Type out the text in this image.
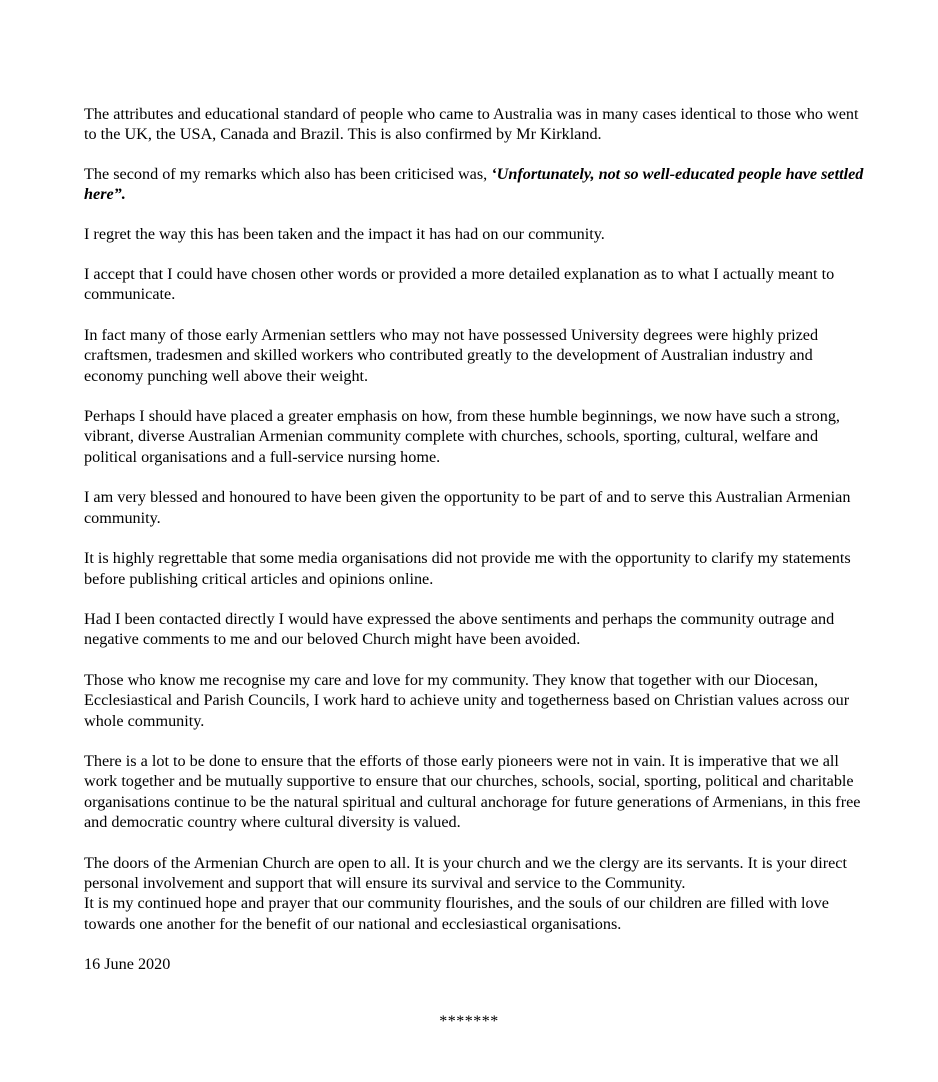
The attributes and educational standard of people who came to Australia was in many cases identical to those who went to the UK, the USA, Canada and Brazil. This is also confirmed by Mr Kirkland.

The second of my remarks which also has been criticised was, ‘Unfortunately, not so well-educated people have settled here”.

I regret the way this has been taken and the impact it has had on our community.

I accept that I could have chosen other words or provided a more detailed explanation as to what I actually meant to communicate.

In fact many of those early Armenian settlers who may not have possessed University degrees were highly prized craftsmen, tradesmen and skilled workers who contributed greatly to the development of Australian industry and economy punching well above their weight.

Perhaps I should have placed a greater emphasis on how, from these humble beginnings, we now have such a strong, vibrant, diverse Australian Armenian community complete with churches, schools, sporting, cultural, welfare and political organisations and a full-service nursing home.

I am very blessed and honoured to have been given the opportunity to be part of and to serve this Australian Armenian community.

It is highly regrettable that some media organisations did not provide me with the opportunity to clarify my statements before publishing critical articles and opinions online.

Had I been contacted directly I would have expressed the above sentiments and perhaps the community outrage and negative comments to me and our beloved Church might have been avoided.

Those who know me recognise my care and love for my community. They know that together with our Diocesan, Ecclesiastical and Parish Councils, I work hard to achieve unity and togetherness based on Christian values across our whole community.

There is a lot to be done to ensure that the efforts of those early pioneers were not in vain. It is imperative that we all work together and be mutually supportive to ensure that our churches, schools, social, sporting, political and charitable organisations continue to be the natural spiritual and cultural anchorage for future generations of Armenians, in this free and democratic country where cultural diversity is valued.

The doors of the Armenian Church are open to all. It is your church and we the clergy are its servants. It is your direct personal involvement and support that will ensure its survival and service to the Community.
It is my continued hope and prayer that our community flourishes, and the souls of our children are filled with love towards one another for the benefit of our national and ecclesiastical organisations.

16 June 2020

*******
